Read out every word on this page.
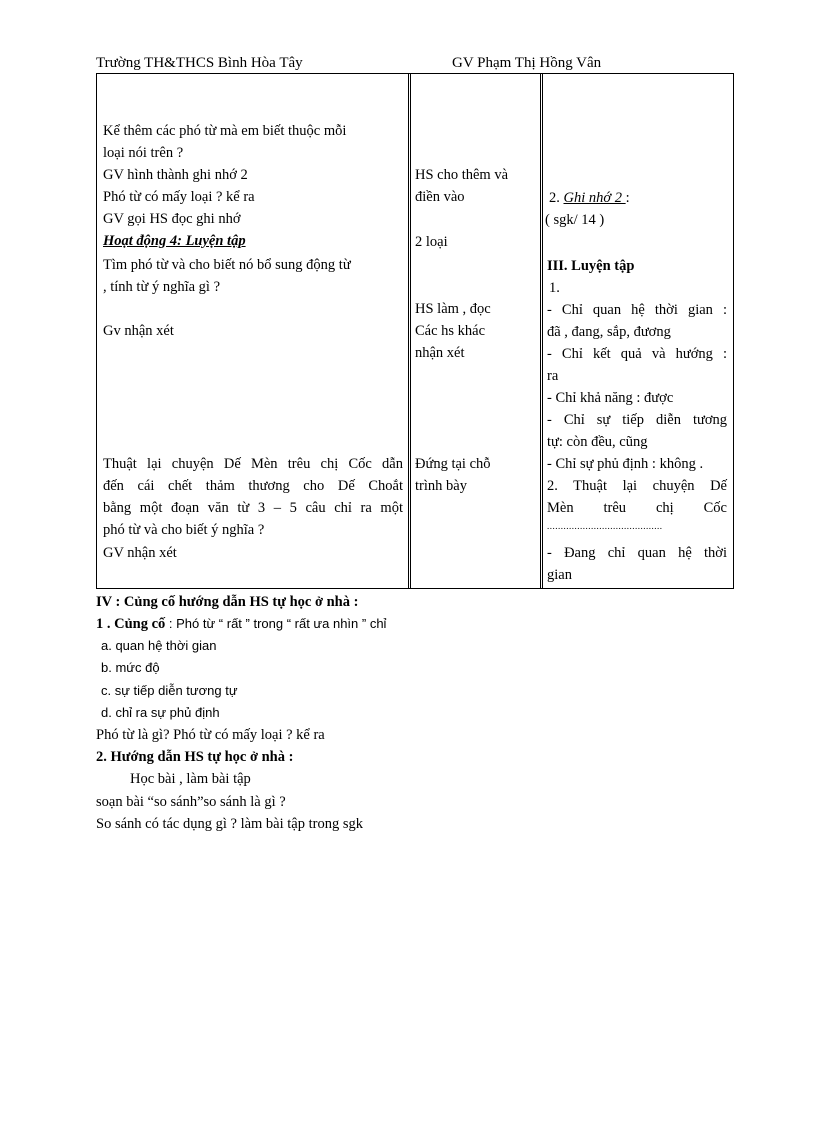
Trường TH&THCS Bình Hòa Tây	GV Phạm Thị Hồng Vân
Kể thêm các phó từ mà em biết thuộc mỗi
loại nói trên ?
GV hình thành ghi nhớ 2
Phó từ có mấy loại ? kể ra
GV gọi HS đọc ghi nhớ
Hoạt động 4: Luyện tập
Tìm phó từ và cho biết nó bổ sung động từ
, tính từ ý nghĩa gì ?
Gv nhận xét
Thuật lại chuyện Dế Mèn trêu chị Cốc dẫn
đến cái chết thảm thương cho Dế Choắt
bằng một đoạn văn từ 3 – 5 câu chỉ ra một
phó từ và cho biết ý nghĩa ?
GV nhận xét
HS cho thêm và
điền vào
2 loại
HS làm , đọc
Các hs khác
nhận xét
Đứng tại chỗ
trình bày
2. Ghi nhớ 2 :
( sgk/ 14 )
III. Luyện tập
1.
- Chỉ quan hệ thời gian :
đã , đang, sắp, đương
- Chỉ kết quả và hướng :
ra
- Chỉ khả năng : được
- Chỉ sự tiếp diễn tương
tự: còn đều, cũng
- Chỉ sự phủ định : không .
2. Thuật lại chuyện Dế
Mèn trêu chị Cốc
..........................................
- Đang chỉ quan hệ thời
gian
IV : Củng cố hướng dẫn HS tự học ở nhà :
1 . Củng cố : Phó từ “ rất ” trong “ rất ưa nhìn ” chỉ
a. quan hệ thời gian
b. mức độ
c. sự tiếp diễn tương tự
d. chỉ ra sự phủ định
Phó từ là gì? Phó từ có mấy loại ? kể ra
2. Hướng dẫn HS tự học ở nhà :
Học bài , làm bài tập
soạn bài “so sánh”so sánh là gì ?
So sánh có tác dụng gì ? làm bài tập trong sgk
